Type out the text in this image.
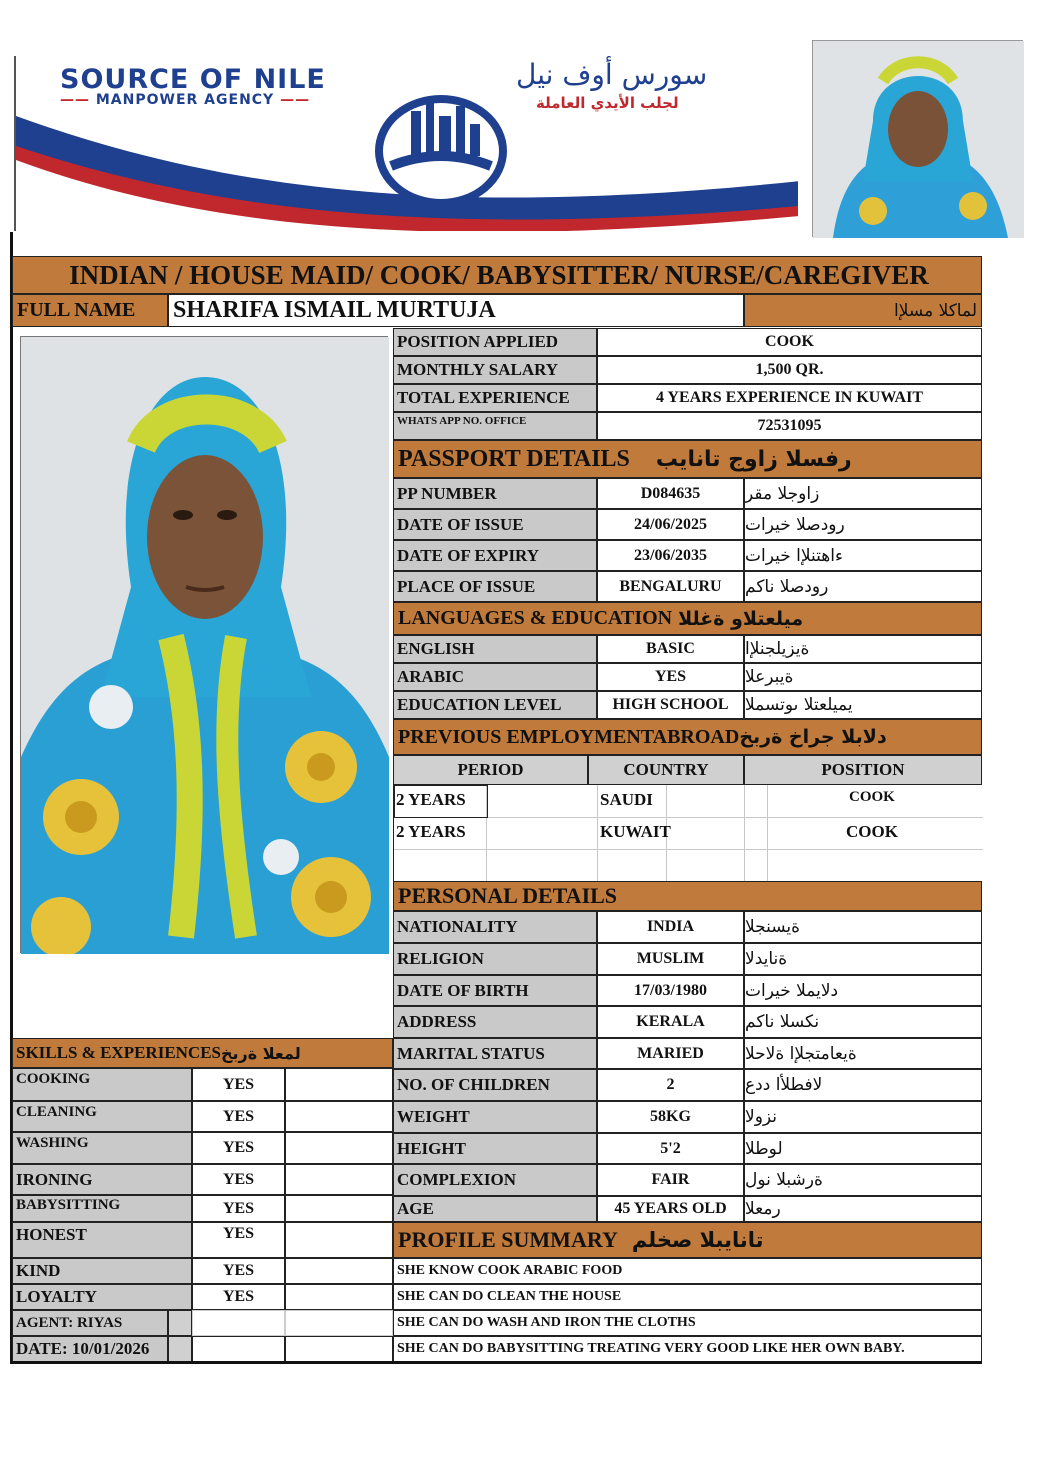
SOURCE OF NILE
—— MANPOWER AGENCY ——
سورس أوف نيل
لجلب الأيدي العاملة
INDIAN / HOUSE MAID/ COOK/ BABYSITTER/ NURSE/CAREGIVER
FULL NAME	SHARIFA ISMAIL MURTUJA	لماكلا مسلإا
POSITION APPLIED	COOK
MONTHLY SALARY	1,500 QR.
TOTAL EXPERIENCE	4 YEARS EXPERIENCE IN KUWAIT
WHATS APP NO. OFFICE	72531095
PASSPORT DETAILS رفسلا زاوج تانايب
PP NUMBER	D084635	زاوجلا مقر
DATE OF ISSUE	24/06/2025	رودصلا خيرات
DATE OF EXPIRY	23/06/2035	ءاهتنلإا خيرات
PLACE OF ISSUE	BENGALURU	رودصلا ناكم
LANGUAGES & EDUCATION ميلعتلاو ةغللا
ENGLISH	BASIC	ةيزيلجنلإا
ARABIC	YES	ةيبرعلا
EDUCATION LEVEL	HIGH SCHOOL يميلعتلا ىوتسملا
PREVIOUS EMPLOYMENTABROAD دلابلا جراخ ةربخ
PERIOD	COUNTRY	POSITION
2 YEARS	SAUDI	COOK
2 YEARS	KUWAIT	COOK
PERSONAL DETAILS
NATIONALITY	INDIA	ةيسنجلا
RELIGION	MUSLIM	ةنايدلا
DATE OF BIRTH	17/03/1980	دلايملا خيرات
ADDRESS	KERALA	نكسلا ناكم
MARITAL STATUS	MARIED	ةيعامتجلإا ةلاحلا
NO. OF CHILDREN	2	لافطلأا ددع
WEIGHT	58KG	نزولا
HEIGHT	5'2	لوطلا
COMPLEXION	FAIR	ةرشبلا نول
AGE	45 YEARS OLD	رمعلا
PROFILE SUMMARY تانايبلا صخلم
SHE KNOW COOK ARABIC FOOD
SHE CAN DO CLEAN THE HOUSE
SHE CAN DO WASH AND IRON THE CLOTHS
SHE CAN DO BABYSITTING TREATING VERY GOOD LIKE HER OWN BABY.
SKILLS & EXPERIENCES لمعلا ةربخ
COOKING	YES
CLEANING	YES
WASHING	YES
IRONING	YES
BABYSITTING	YES
HONEST	YES
KIND	YES
LOYALTY	YES
AGENT: RIYAS
DATE: 10/01/2026
